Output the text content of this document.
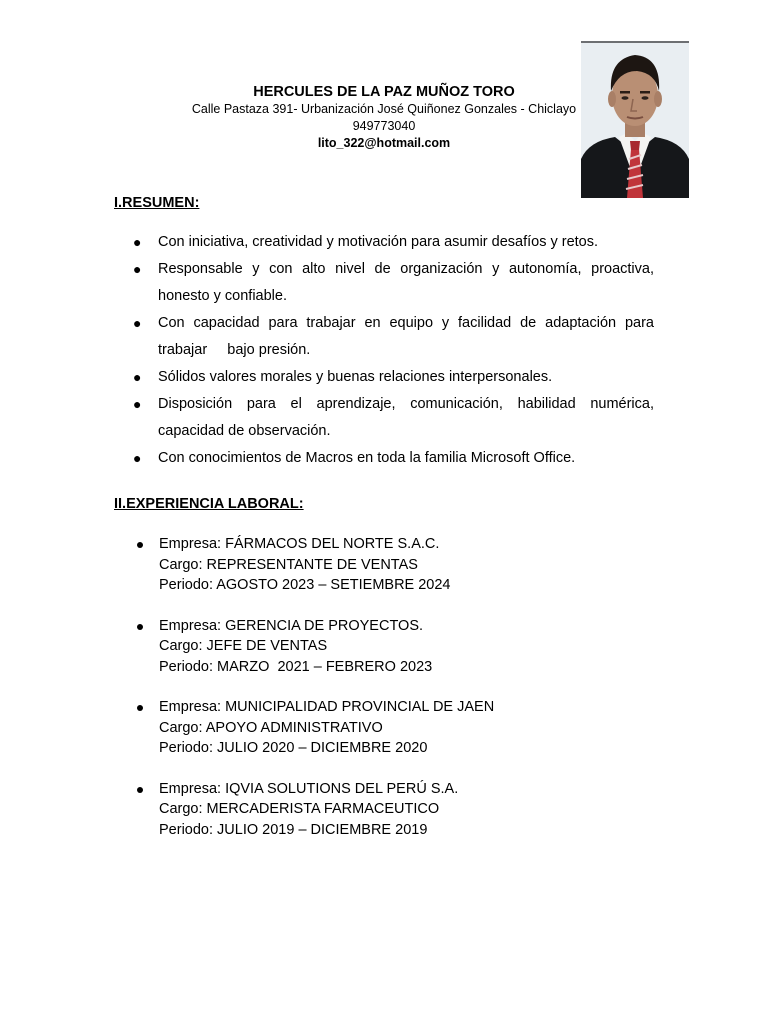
HERCULES DE LA PAZ MUÑOZ TORO
Calle Pastaza 391- Urbanización José Quiñonez Gonzales - Chiclayo
949773040
lito_322@hotmail.com
I.RESUMEN:
● Con iniciativa, creatividad y motivación para asumir desafíos y retos.
● Responsable y con alto nivel de organización y autonomía, proactiva, honesto y confiable.
● Con capacidad para trabajar en equipo y facilidad de adaptación para trabajar     bajo presión.
● Sólidos valores morales y buenas relaciones interpersonales.
● Disposición para el aprendizaje, comunicación, habilidad numérica, capacidad de observación.
● Con conocimientos de Macros en toda la familia Microsoft Office.
II.EXPERIENCIA LABORAL:
Empresa: FÁRMACOS DEL NORTE S.A.C.
Cargo: REPRESENTANTE DE VENTAS
Periodo: AGOSTO 2023 – SETIEMBRE 2024
Empresa: GERENCIA DE PROYECTOS.
Cargo: JEFE DE VENTAS
Periodo: MARZO  2021 – FEBRERO 2023
Empresa: MUNICIPALIDAD PROVINCIAL DE JAEN
Cargo: APOYO ADMINISTRATIVO
Periodo: JULIO 2020 – DICIEMBRE 2020
Empresa: IQVIA SOLUTIONS DEL PERÚ S.A.
Cargo: MERCADERISTA FARMACEUTICO
Periodo: JULIO 2019 – DICIEMBRE 2019
